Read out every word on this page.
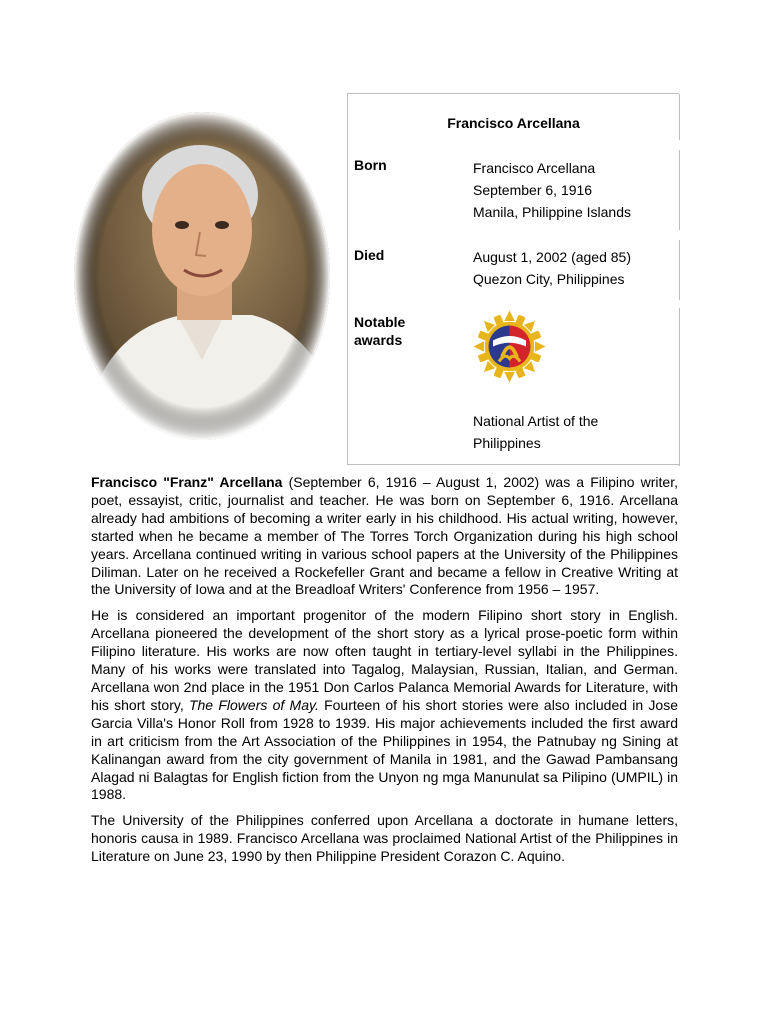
Francisco Arcellana
Born	Francisco Arcellana
September 6, 1916
Manila, Philippine Islands
Died	August 1, 2002 (aged 85)
Quezon City, Philippines
Notable
awards
National Artist of the
Philippines

Francisco "Franz" Arcellana (September 6, 1916 – August 1, 2002) was a Filipino writer, poet, essayist, critic, journalist and teacher. He was born on September 6, 1916. Arcellana already had ambitions of becoming a writer early in his childhood. His actual writing, however, started when he became a member of The Torres Torch Organization during his high school years. Arcellana continued writing in various school papers at the University of the Philippines Diliman. Later on he received a Rockefeller Grant and became a fellow in Creative Writing at the University of Iowa and at the Breadloaf Writers' Conference from 1956 – 1957.

He is considered an important progenitor of the modern Filipino short story in English. Arcellana pioneered the development of the short story as a lyrical prose-poetic form within Filipino literature. His works are now often taught in tertiary-level syllabi in the Philippines. Many of his works were translated into Tagalog, Malaysian, Russian, Italian, and German. Arcellana won 2nd place in the 1951 Don Carlos Palanca Memorial Awards for Literature, with his short story, The Flowers of May. Fourteen of his short stories were also included in Jose Garcia Villa's Honor Roll from 1928 to 1939. His major achievements included the first award in art criticism from the Art Association of the Philippines in 1954, the Patnubay ng Sining at Kalinangan award from the city government of Manila in 1981, and the Gawad Pambansang Alagad ni Balagtas for English fiction from the Unyon ng mga Manunulat sa Pilipino (UMPIL) in 1988.

The University of the Philippines conferred upon Arcellana a doctorate in humane letters, honoris causa in 1989. Francisco Arcellana was proclaimed National Artist of the Philippines in Literature on June 23, 1990 by then Philippine President Corazon C. Aquino.
